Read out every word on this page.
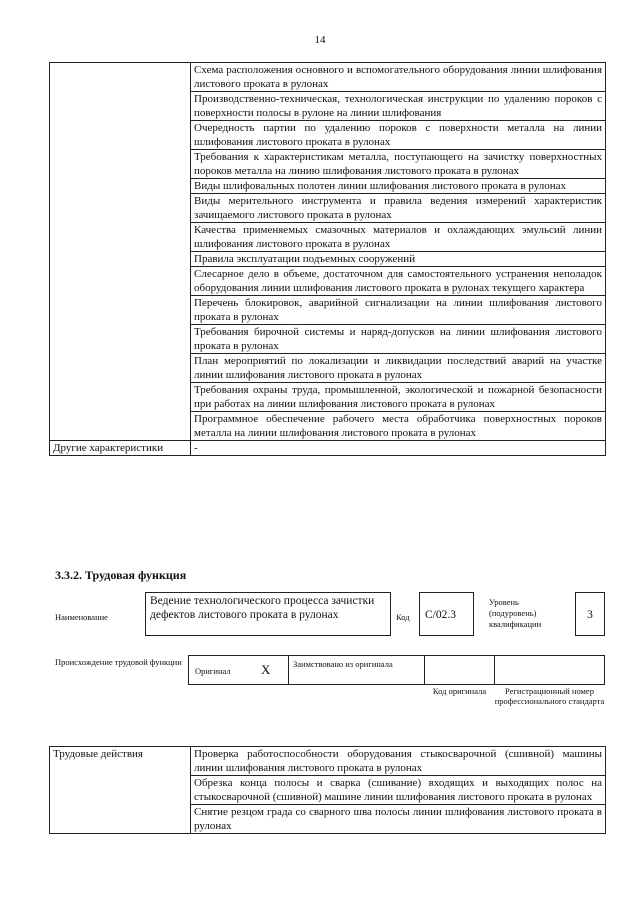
14
	Схема расположения основного и вспомогательного оборудования линии шлифования листового проката в рулонах
	Производственно-техническая, технологическая инструкции по удалению пороков с поверхности полосы в рулоне на линии шлифования
	Очередность партии по удалению пороков с поверхности металла на линии шлифования листового проката в рулонах
	Требования к характеристикам металла, поступающего на зачистку поверхностных пороков металла на линию шлифования листового проката в рулонах
	Виды шлифовальных полотен линии шлифования листового проката в рулонах
	Виды мерительного инструмента и правила ведения измерений характеристик зачищаемого листового проката в рулонах
	Качества применяемых смазочных материалов и охлаждающих эмульсий линии шлифования листового проката в рулонах
	Правила эксплуатации подъемных сооружений
	Слесарное дело в объеме, достаточном для самостоятельного устранения неполадок оборудования линии шлифования листового проката в рулонах текущего характера
	Перечень блокировок, аварийной сигнализации на линии шлифования листового проката в рулонах
	Требования бирочной системы и наряд-допусков на линии шлифования листового проката в рулонах
	План мероприятий по локализации и ликвидации последствий аварий на участке линии шлифования листового проката в рулонах
	Требования охраны труда, промышленной, экологической и пожарной безопасности при работах на линии шлифования листового проката в рулонах
	Программное обеспечение рабочего места обработчика поверхностных пороков металла на линии шлифования листового проката в рулонах
Другие характеристики	-
3.3.2. Трудовая функция
Наименование
Ведение технологического процесса зачистки дефектов листового проката в рулонах	Код	С/02.3
Уровень (подуровень) квалификации
3
Происхождение трудовой функции
Оригинал X	Заимствовано из оригинала
Код оригинала	Регистрационный номер профессионального стандарта
Трудовые действия	Проверка работоспособности оборудования стыкосварочной (сшивной) машины линии шлифования листового проката в рулонах
Обрезка конца полосы и сварка (сшивание) входящих и выходящих полос на стыкосварочной (сшивной) машине линии шлифования листового проката в рулонах
Снятие резцом града со сварного шва полосы линии шлифования листового проката в рулонах
